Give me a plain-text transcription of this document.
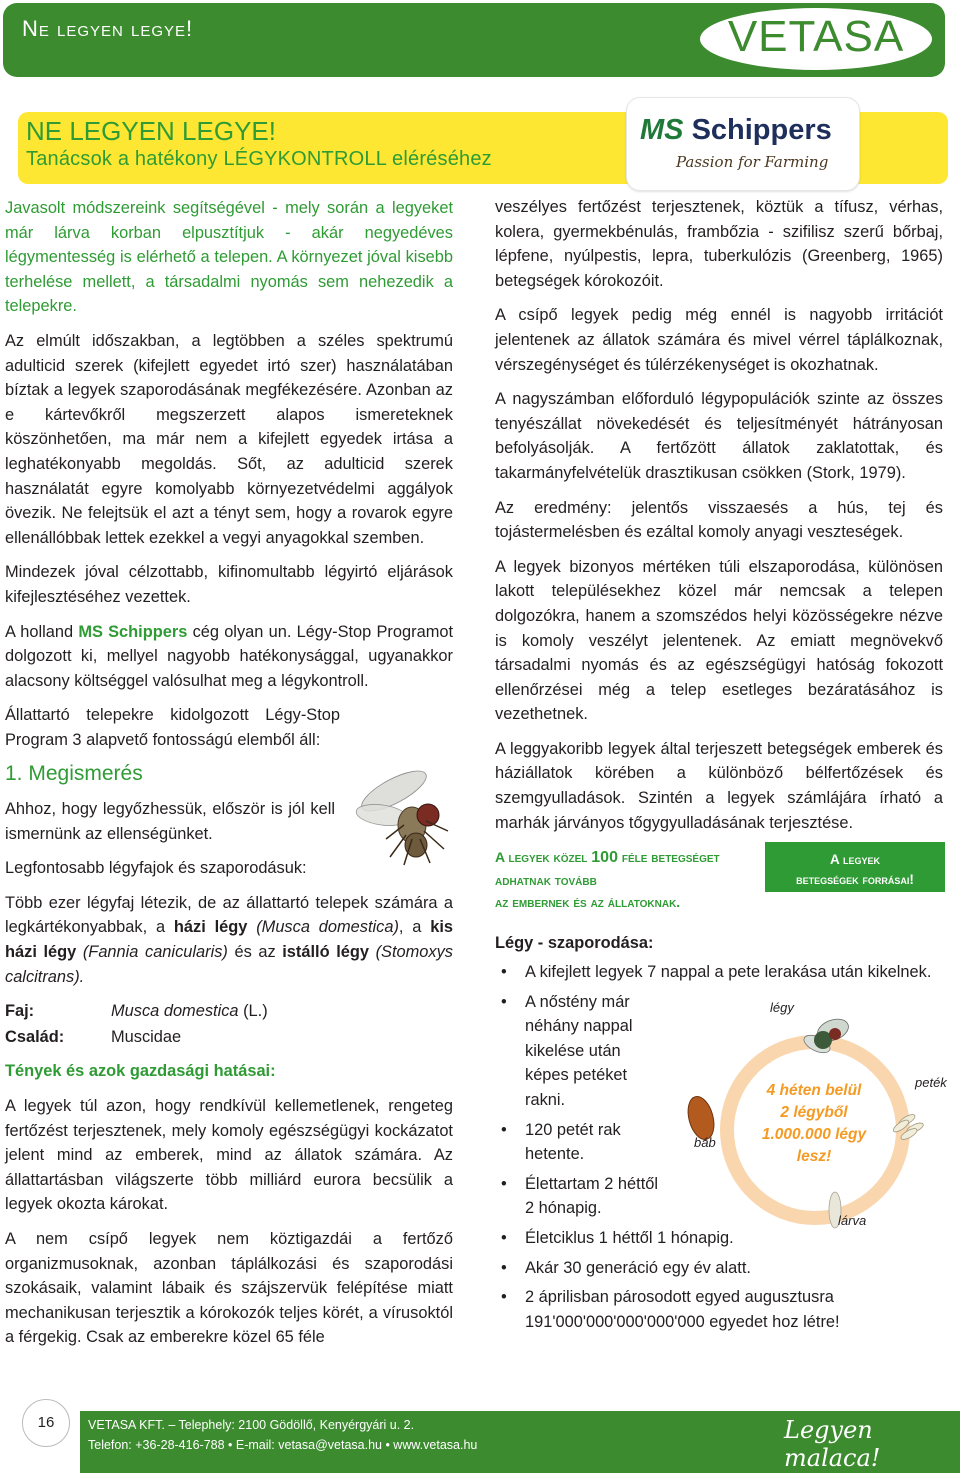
Ne legyen legye!	VETASA
NE LEGYEN LEGYE!
Tanácsok a hatékony LÉGYKONTROLL eléréséhez
MS Schippers
Passion for Farming

Javasolt módszereink segítségével - mely során a legyeket már lárva korban elpusztítjuk - akár negyedéves légymentesség is elérhető a telepen. A környezet jóval kisebb terhelése mellett, a társadalmi nyomás sem nehezedik a telepekre.

Az elmúlt időszakban, a legtöbben a széles spektrumú adulticid szerek (kifejlett egyedet irtó szer) használatában bíztak a legyek szaporodásának megfékezésére. Azonban az e kártevőkről megszerzett alapos ismereteknek köszönhetően, ma már nem a kifejlett egyedek irtása a leghatékonyabb megoldás. Sőt, az adulticid szerek használatát egyre komolyabb környezetvédelmi aggályok övezik. Ne felejtsük el azt a tényt sem, hogy a rovarok egyre ellenállóbbak lettek ezekkel a vegyi anyagokkal szemben.

Mindezek jóval célzottabb, kifinomultabb légyirtó eljárások kifejlesztéséhez vezettek.

A holland MS Schippers cég olyan un. Légy-Stop Programot dolgozott ki, mellyel nagyobb hatékonysággal, ugyanakkor alacsony költséggel valósulhat meg a légykontroll.

Állattartó telepekre kidolgozott Légy-Stop Program 3 alapvető fontosságú elemből áll:

1. Megismerés

Ahhoz, hogy legyőzhessük, először is jól kell ismernünk az ellenségünket.

Legfontosabb légyfajok és szaporodásuk:

Több ezer légyfaj létezik, de az állattartó telepek számára a legkártékonyabbak, a házi légy (Musca domestica), a kis házi légy (Fannia canicularis) és az istálló légy (Stomoxys calcitrans).

Faj:	Musca domestica (L.)
Család:	Muscidae

Tények és azok gazdasági hatásai:

A legyek túl azon, hogy rendkívül kellemetlenek, rengeteg fertőzést terjesztenek, mely komoly egészségügyi kockázatot jelent mind az emberek, mind az állatok számára. Az állattartásban világszerte több milliárd eurora becsülik a legyek okozta károkat.

A nem csípő legyek nem köztigazdái a fertőző organizmusoknak, azonban táplálkozási és szaporodási szokásaik, valamint lábaik és szájszervük felépítése miatt mechanikusan terjesztik a kórokozók teljes körét, a vírusoktól a férgekig. Csak az emberekre közel 65 féle

veszélyes fertőzést terjesztenek, köztük a tífusz, vérhas, kolera, gyermekbénulás, frambőzia - szifilisz szerű bőrbaj, lépfene, nyúlpestis, lepra, tuberkulózis (Greenberg, 1965) betegségek kórokozóit.

A csípő legyek pedig még ennél is nagyobb irritációt jelentenek az állatok számára és mivel vérrel táplálkoznak, vérszegénységet és túlérzékenységet is okozhatnak.

A nagyszámban előforduló légypopulációk szinte az összes tenyészállat növekedését és teljesítményét hátrányosan befolyásolják. A fertőzött állatok zaklatottak, és takarmányfelvételük drasztikusan csökken (Stork, 1979).

Az eredmény: jelentős visszaesés a hús, tej és tojástermelésben és ezáltal komoly anyagi veszteségek.

A legyek bizonyos mértéken túli elszaporodása, különösen lakott településekhez közel már nemcsak a telepen dolgozókra, hanem a szomszédos helyi közösségekre nézve is komoly veszélyt jelentenek. Az emiatt megnövekvő társadalmi nyomás és az egészségügyi hatóság fokozott ellenőrzései még a telep esetleges bezáratásához is vezethetnek.

A leggyakoribb legyek által terjeszett betegségek emberek és háziállatok körében a különböző bélfertőzések és szemgyulladások. Szintén a legyek számlájára írható a marhák járványos tőgygyulladásának terjesztése.

A legyek közel 100 féle betegséget
adhatnak tovább
az embernek és az állatoknak.
A legyek
betegségek forrásai!
Légy - szaporodása:
• A kifejlett legyek 7 nappal a pete lerakása után kikelnek.
• A nőstény már néhány nappal kikelése után képes petéket rakni.
• 120 petét rak hetente.
• Élettartam 2 héttől 2 hónapig.
• Életciklus 1 héttől 1 hónapig.
• Akár 30 generáció egy év alatt.
• 2 áprilisban párosodott egyed augusztusra 191'000'000'000'000'000 egyedet hoz létre!
légy
peték
báb
lárva
4 héten belül
2 légyből
1.000.000 légy
lesz!
16	VETASA KFT. – Telephely: 2100 Gödöllő, Kenyérgyári u. 2.
Telefon: +36-28-416-788 • E-mail: vetasa@vetasa.hu • www.vetasa.hu
Legyen malaca!
